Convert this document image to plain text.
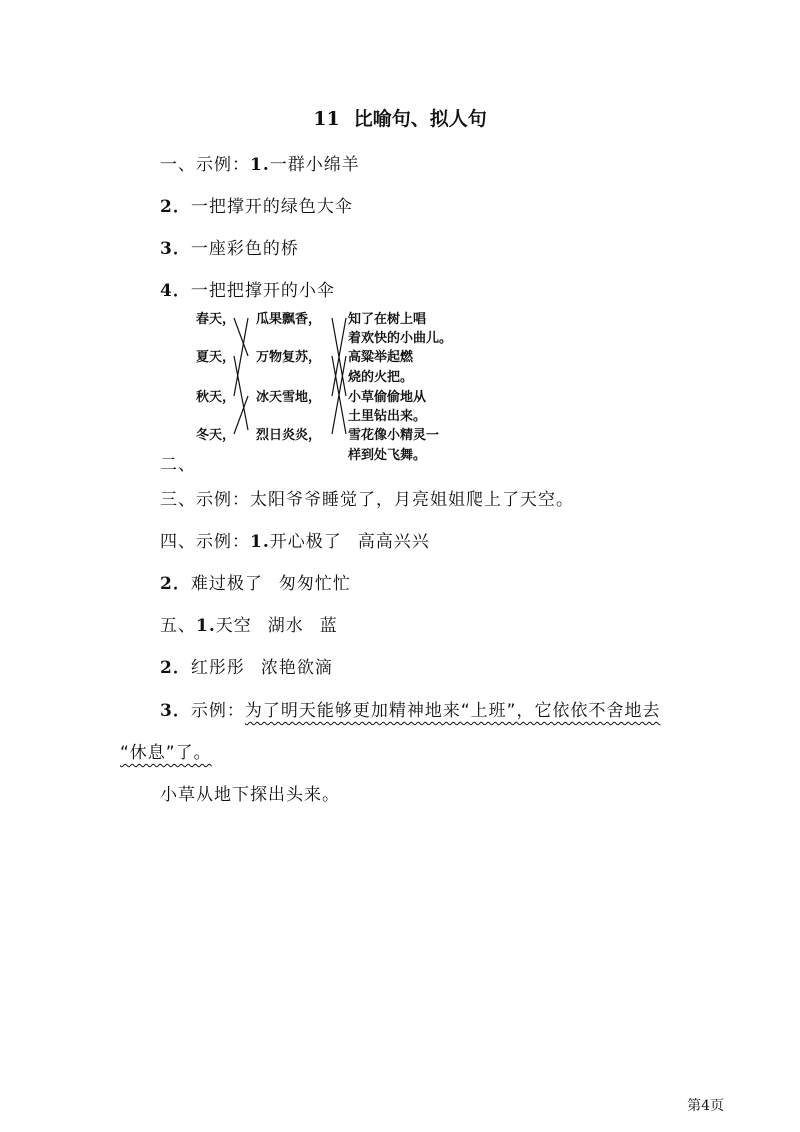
11 比喻句、拟人句
一、示例：1.一群小绵羊
2．一把撑开的绿色大伞
3．一座彩色的桥
4．一把把撑开的小伞
二、
春天，
夏天，
秋天，
冬天，
瓜果飘香，
万物复苏，
冰天雪地，
烈日炎炎，
知了在树上唱
着欢快的小曲儿。
高粱举起燃
烧的火把。
小草偷偷地从
土里钻出来。
雪花像小精灵一
样到处飞舞。
三、示例：太阳爷爷睡觉了，月亮姐姐爬上了天空。
四、示例：1.开心极了 高高兴兴
2．难过极了 匆匆忙忙
五、1.天空 湖水 蓝
2．红彤彤 浓艳欲滴
3．示例：为了明天能够更加精神地来“上班”，它依依不舍地去
“休息”了。
小草从地下探出头来。
第4页
